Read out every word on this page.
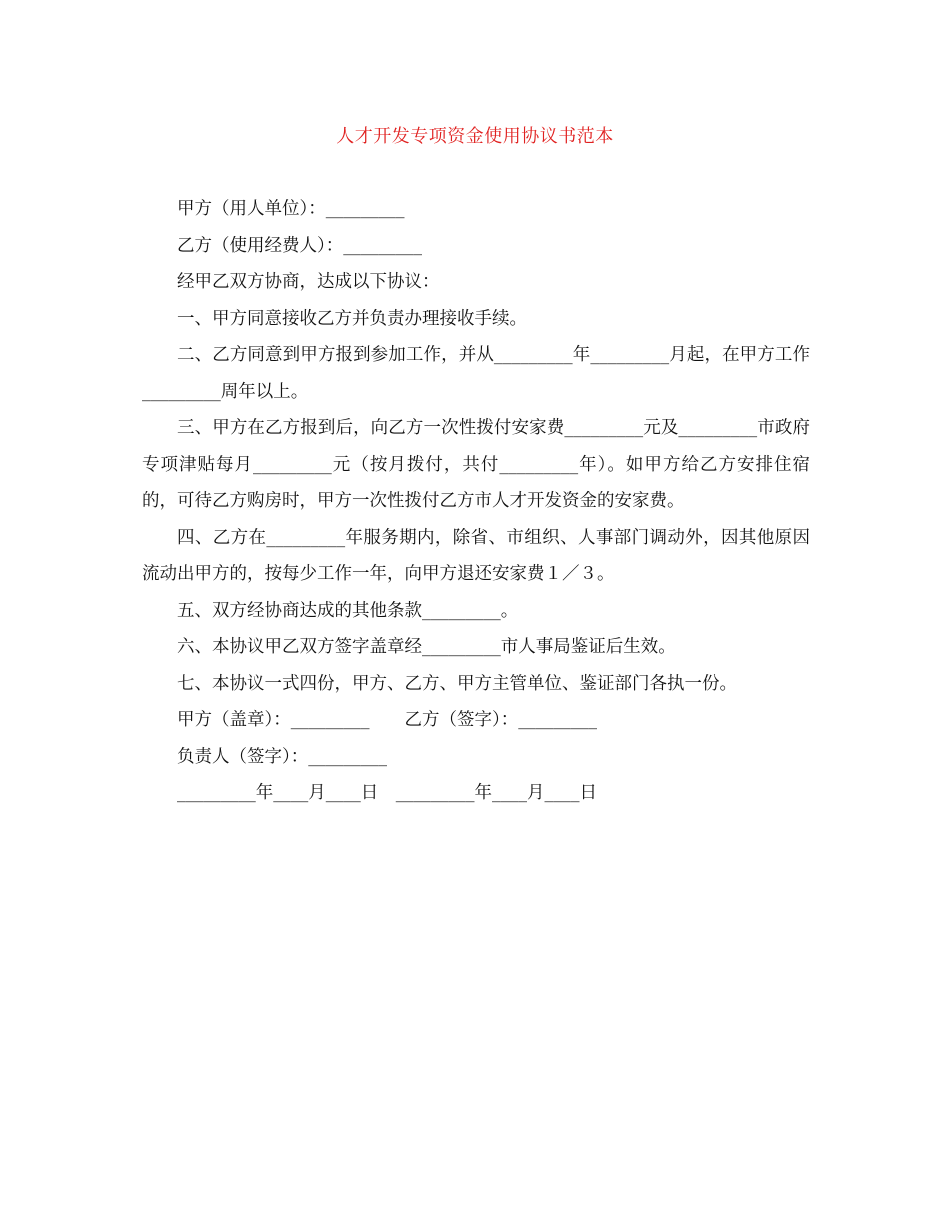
人才开发专项资金使用协议书范本

甲方（用人单位）：_________

乙方（使用经费人）：_________

经甲乙双方协商，达成以下协议：

一、甲方同意接收乙方并负责办理接收手续。

二、乙方同意到甲方报到参加工作，并从_________年_________月起，在甲方工作_________周年以上。

三、甲方在乙方报到后，向乙方一次性拨付安家费_________元及_________市政府专项津贴每月_________元（按月拨付，共付_________年）。如甲方给乙方安排住宿的，可待乙方购房时，甲方一次性拨付乙方市人才开发资金的安家费。

四、乙方在_________年服务期内，除省、市组织、人事部门调动外，因其他原因流动出甲方的，按每少工作一年，向甲方退还安家费１／３。

五、双方经协商达成的其他条款_________。

六、本协议甲乙双方签字盖章经_________市人事局鉴证后生效。

七、本协议一式四份，甲方、乙方、甲方主管单位、鉴证部门各执一份。

甲方（盖章）：_________　　乙方（签字）：_________

负责人（签字）：_________

_________年____月____日　_________年____月____日
